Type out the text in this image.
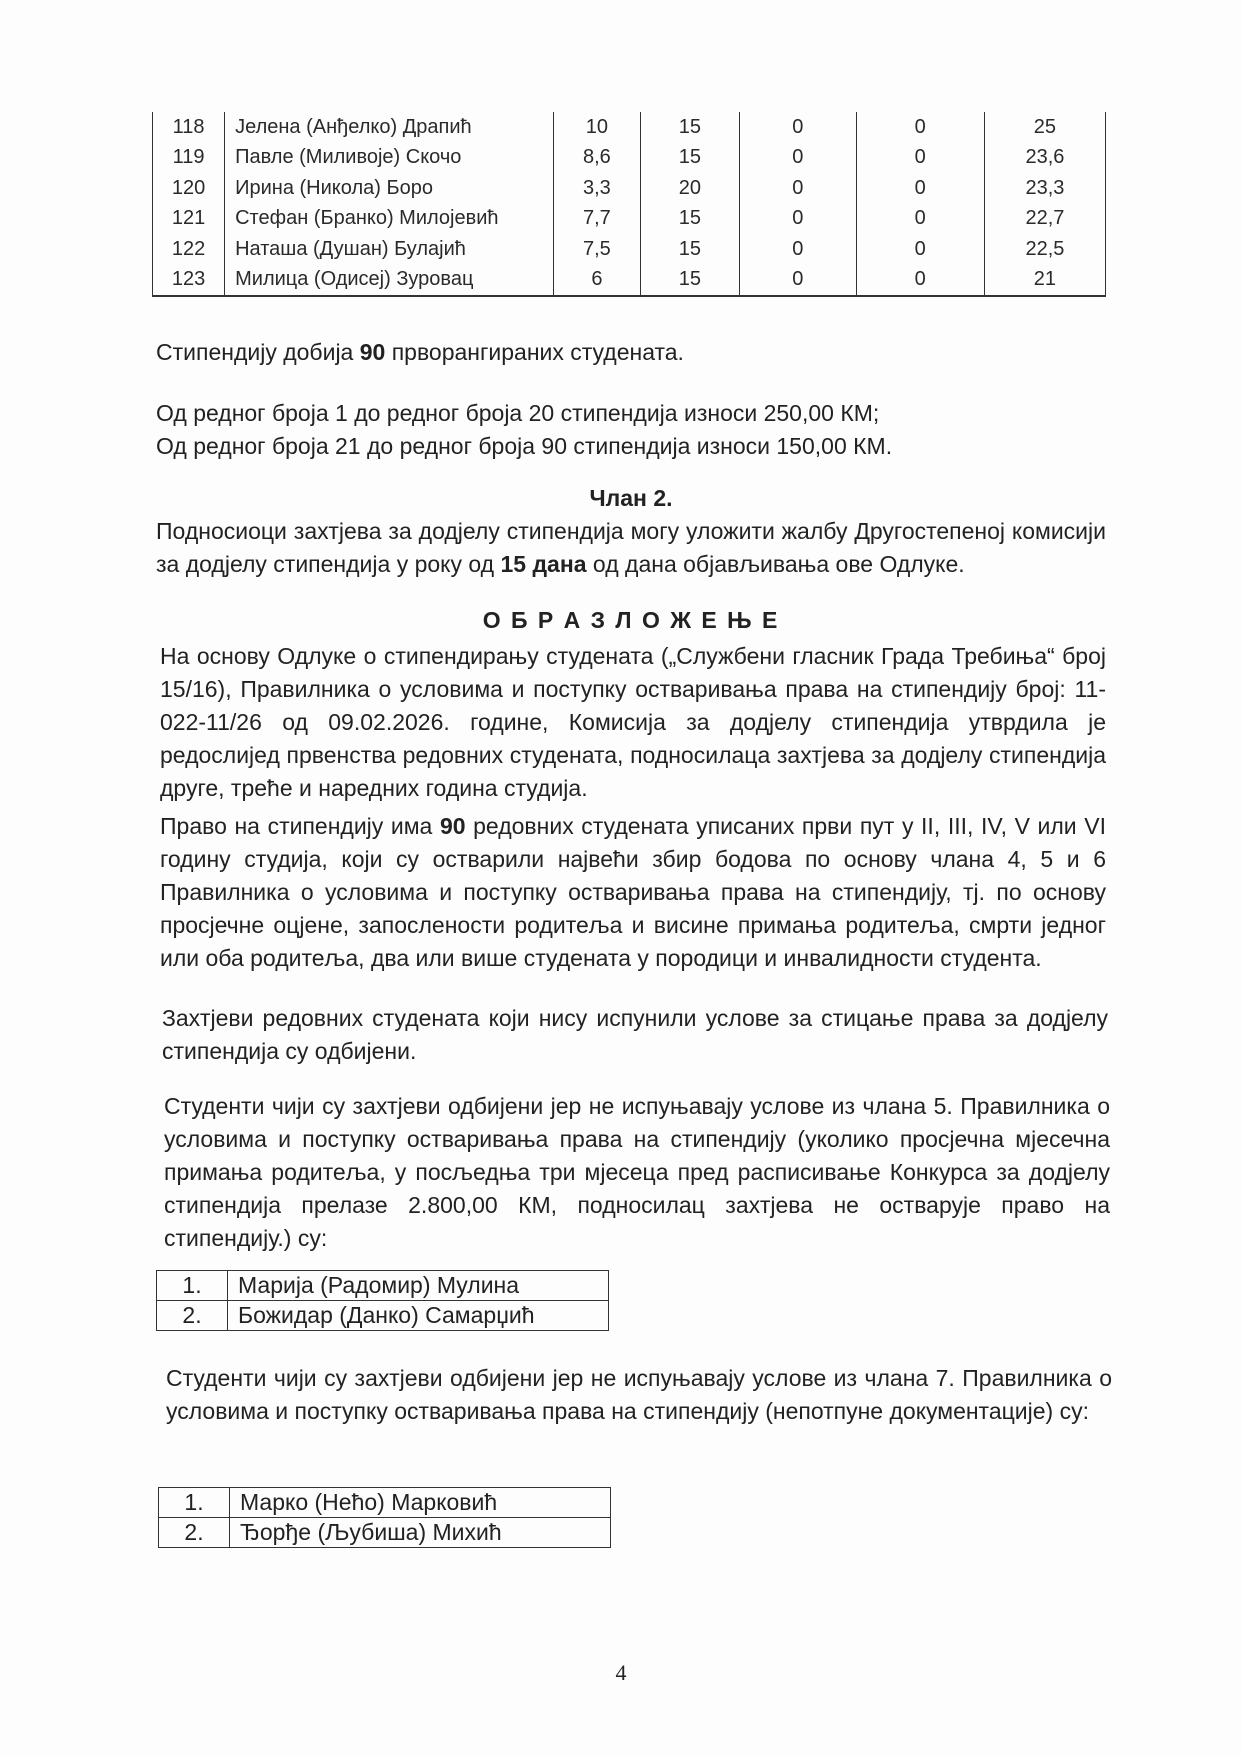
118	Јелена (Анђелко) Драпић	10	15	0	0	25
119	Павле (Миливоје) Скочо	8,6	15	0	0	23,6
120	Ирина (Никола) Боро	3,3	20	0	0	23,3
121	Стефан (Бранко) Милојевић	7,7	15	0	0	22,7
122	Наташа (Душан) Булајић	7,5	15	0	0	22,5
123	Милица (Одисеј) Зуровац	6	15	0	0	21
Стипендију добија 90 прворангираних студената.
Од редног броја 1 до редног броја 20 стипендија износи 250,00 КМ;
Од редног броја 21 до редног броја 90 стипендија износи 150,00 КМ.
Члан 2.
Подносиоци захтјева за додјелу стипендија могу уложити жалбу Другостепеној комисији за додјелу стипендија у року од 15 дана од дана објављивања ове Одлуке.
О Б Р А З Л О Ж Е Њ Е
На основу Одлуке о стипендирању студената („Службени гласник Града Требиња“ број 15/16), Правилника о условима и поступку остваривања права на стипендију број: 11-022-11/26 од 09.02.2026. године, Комисија за додјелу стипендија утврдила је редослијед првенства редовних студената, подносилаца захтјева за додјелу стипендија друге, треће и наредних година студија.
Право на стипендију има 90 редовних студената уписаних први пут у II, III, IV, V или VI годину студија, који су остварили највећи збир бодова по основу члана 4, 5 и 6 Правилника о условима и поступку остваривања права на стипендију, тј. по основу просјечне оцјене, запослености родитеља и висине примања родитеља, смрти једног или оба родитеља, два или више студената у породици и инвалидности студента.
Захтјеви редовних студената који нису испунили услове за стицање права за додјелу стипендија су одбијени.
Студенти чији су захтјеви одбијени јер не испуњавају услове из члана 5. Правилника о условима и поступку остваривања права на стипендију (уколико просјечна мјесечна примања родитеља, у посљедња три мјесеца пред расписивање Конкурса за додјелу стипендија прелазе 2.800,00 КМ, подносилац захтјева не остварује право на стипендију.) су:
1.	Марија (Радомир) Мулина
2.	Божидар (Данко) Самарџић
Студенти чији су захтјеви одбијени јер не испуњавају услове из члана 7. Правилника о условима и поступку остваривања права на стипендију (непотпуне документације) су:
1.	Марко (Нећо) Марковић
2.	Ђорђе (Љубиша) Михић
4
